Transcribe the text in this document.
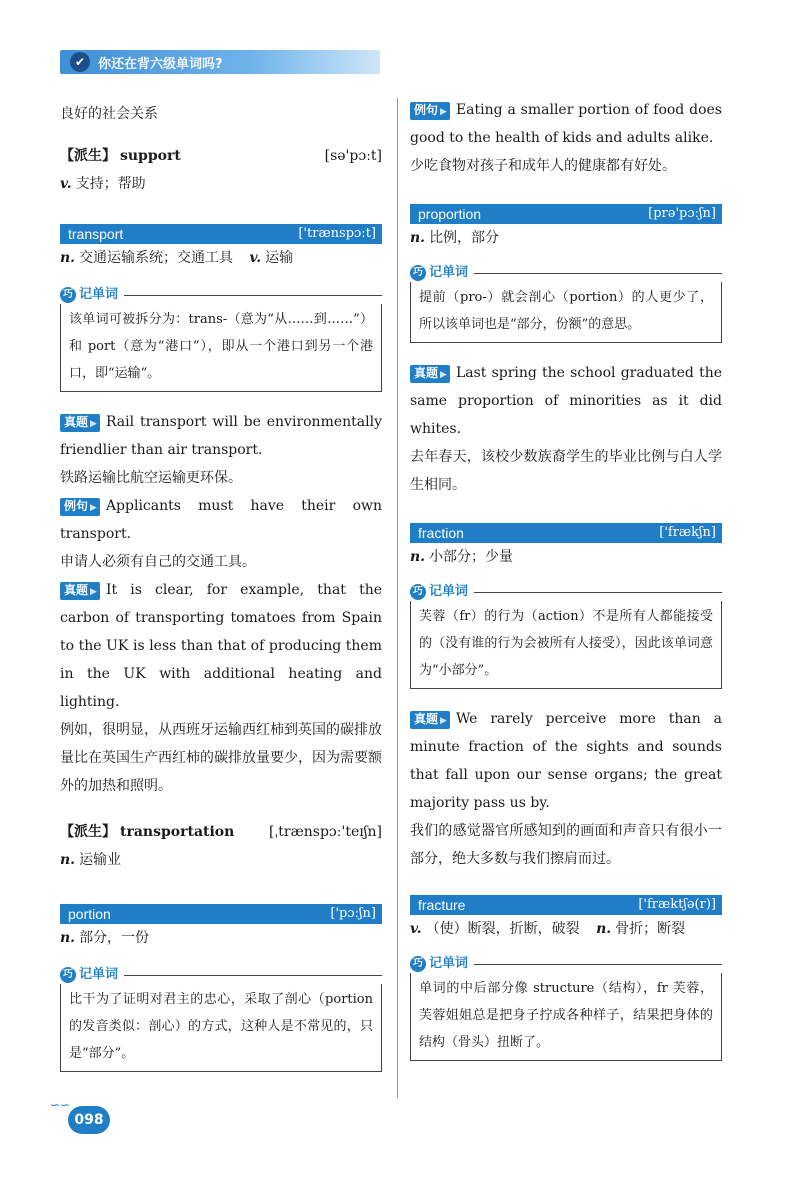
✔ 你还在背六级单词吗?

良好的社会关系

【派生】 support	[sə'pɔːt]

v. 支持；帮助

transport	['trænspɔːt]

n. 交通运输系统；交通工具 v. 运输

巧 记单词
该单词可被拆分为：trans-（意为“从……到……”）和 port（意为“港口”），即从一个港口到另一个港口，即“运输”。

真题 ▶ Rail transport will be environmentally friendlier than air transport.

铁路运输比航空运输更环保。

例句 ▶ Applicants must have their own transport.

申请人必须有自己的交通工具。

真题 ▶ It is clear, for example, that the carbon of transporting tomatoes from Spain to the UK is less than that of producing them in the UK with additional heating and lighting.

例如，很明显，从西班牙运输西红柿到英国的碳排放量比在英国生产西红柿的碳排放量要少，因为需要额外的加热和照明。

【派生】 transportation [ˌtrænspɔː'teɪʃn]

n. 运输业

portion	['pɔːʃn]

n. 部分，一份

巧 记单词
比干为了证明对君主的忠心，采取了剖心（portion 的发音类似：剖心）的方式，这种人是不常见的，只是“部分”。

例句 ▶ Eating a smaller portion of food does good to the health of kids and adults alike.

少吃食物对孩子和成年人的健康都有好处。

proportion	[prə'pɔːʃn]

n. 比例，部分

巧 记单词
提前（pro-）就会剖心（portion）的人更少了，所以该单词也是“部分，份额”的意思。

真题 ▶ Last spring the school graduated the same proportion of minorities as it did whites.

去年春天，该校少数族裔学生的毕业比例与白人学生相同。

fraction	['frækʃn]

n. 小部分；少量

巧 记单词
芙蓉（fr）的行为（action）不是所有人都能接受的（没有谁的行为会被所有人接受），因此该单词意为“小部分”。

真题 ▶ We rarely perceive more than a minute fraction of the sights and sounds that fall upon our sense organs; the great majority pass us by.

我们的感觉器官所感知到的画面和声音只有很小一部分，绝大多数与我们擦肩而过。

fracture	['fræktʃə(r)]

v. （使）断裂，折断，破裂 n. 骨折；断裂

巧 记单词
单词的中后部分像 structure（结构），fr 芙蓉，芙蓉姐姐总是把身子拧成各种样子，结果把身体的结构（骨头）扭断了。
∽∽
098
